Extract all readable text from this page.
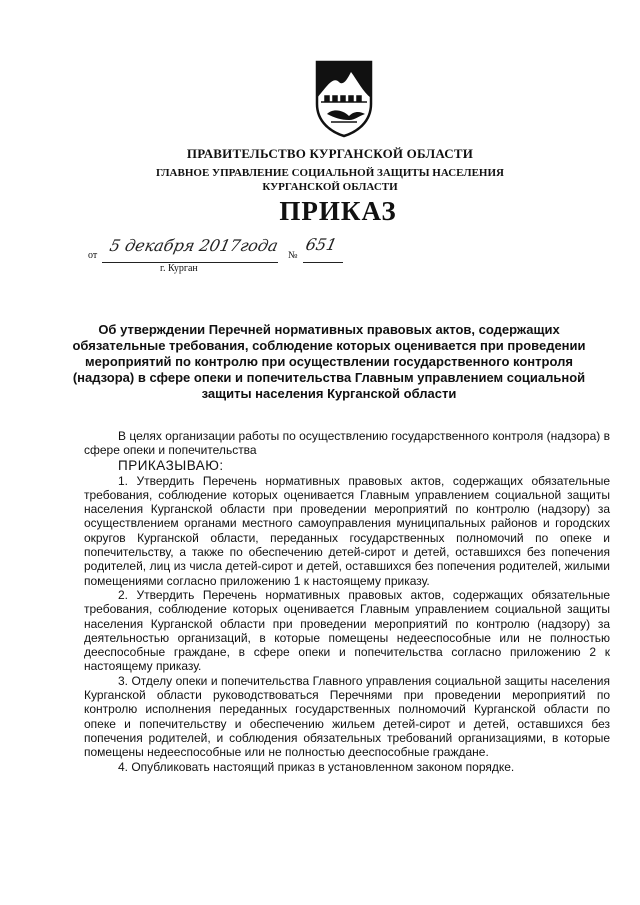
ПРАВИТЕЛЬСТВО КУРГАНСКОЙ ОБЛАСТИ
ГЛАВНОЕ УПРАВЛЕНИЕ СОЦИАЛЬНОЙ ЗАЩИТЫ НАСЕЛЕНИЯ
КУРГАНСКОЙ ОБЛАСТИ
ПРИКАЗ
от
5 декабря 2017года
№
651
г. Курган
Об утверждении Перечней нормативных правовых актов, содержащих обязательные требования, соблюдение которых оценивается при проведении мероприятий по контролю при осуществлении государственного контроля (надзора) в сфере опеки и попечительства Главным управлением социальной защиты населения Курганской области

В целях организации работы по осуществлению государственного контроля (надзора) в сфере опеки и попечительства

ПРИКАЗЫВАЮ:

1. Утвердить Перечень нормативных правовых актов, содержащих обязательные требования, соблюдение которых оценивается Главным управлением социальной защиты населения Курганской области при проведении мероприятий по контролю (надзору) за осуществлением органами местного самоуправления муниципальных районов и городских округов Курганской области, переданных государственных полномочий по опеке и попечительству, а также по обеспечению детей-сирот и детей, оставшихся без попечения родителей, лиц из числа детей-сирот и детей, оставшихся без попечения родителей, жилыми помещениями согласно приложению 1 к настоящему приказу.

2. Утвердить Перечень нормативных правовых актов, содержащих обязательные требования, соблюдение которых оценивается Главным управлением социальной защиты населения Курганской области при проведении мероприятий по контролю (надзору) за деятельностью организаций, в которые помещены недееспособные или не полностью дееспособные граждане, в сфере опеки и попечительства согласно приложению 2 к настоящему приказу.

3. Отделу опеки и попечительства Главного управления социальной защиты населения Курганской области руководствоваться Перечнями при проведении мероприятий по контролю исполнения переданных государственных полномочий Курганской области по опеке и попечительству и обеспечению жильем детей-сирот и детей, оставшихся без попечения родителей, и соблюдения обязательных требований организациями, в которые помещены недееспособные или не полностью дееспособные граждане.

4. Опубликовать настоящий приказ в установленном законом порядке.
